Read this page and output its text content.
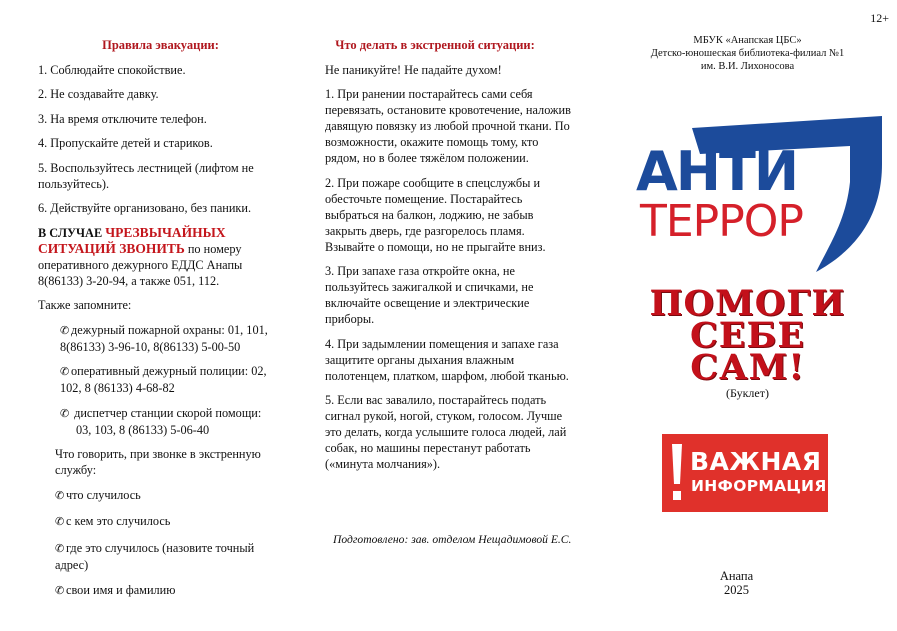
12+

Правила эвакуации:

1. Соблюдайте спокойствие.

2. Не создавайте давку.

3. На время отключите телефон.

4. Пропускайте детей и стариков.

5. Воспользуйтесь лестницей (лифтом не пользуйтесь).

6. Действуйте организовано, без паники.

В СЛУЧАЕ ЧРЕЗВЫЧАЙНЫХ СИТУАЦИЙ ЗВОНИТЬ по номеру оперативного дежурного ЕДДС Анапы 8(86133) 3-20-94, а также 051, 112.

Также запомните:

✆ дежурный пожарной охраны: 01, 101, 8(86133) 3-96-10, 8(86133) 5-00-50

✆ оперативный дежурный полиции: 02, 102, 8 (86133) 4-68-82

✆ диспетчер станции скорой помощи:

03, 103, 8 (86133) 5-06-40

Что говорить, при звонке в экстренную службу:

✆ что случилось

✆ с кем это случилось

✆ где это случилось (назовите точный адрес)

✆ свои имя и фамилию

Что делать в экстренной ситуации:

Не паникуйте! Не падайте духом!

1. При ранении постарайтесь сами себя перевязать, остановите кровотечение, наложив давящую повязку из любой прочной ткани. По возможности, окажите помощь тому, кто рядом, но в более тяжёлом положении.

2. При пожаре сообщите в спецслужбы и обесточьте помещение. Постарайтесь выбраться на балкон, лоджию, не забыв закрыть дверь, где разгорелось пламя. Взывайте о помощи, но не прыгайте вниз.

3. При запахе газа откройте окна, не пользуйтесь зажигалкой и спичками, не включайте освещение и электрические приборы.

4. При задымлении помещения и запахе газа защитите органы дыхания влажным полотенцем, платком, шарфом, любой тканью.

5. Если вас завалило, постарайтесь подать сигнал рукой, ногой, стуком, голосом. Лучше это делать, когда услышите голоса людей, лай собак, но машины перестанут работать («минута молчания»).

Подготовлено: зав. отделом Нещадимовой Е.С.
МБУК «Анапская ЦБС»
Детско-юношеская библиотека-филиал №1
им. В.И. Лихоносова
АНТИ
ТЕРРОР
ПОМОГИ
СЕБЕ
САМ!
(Буклет)
ВАЖНАЯ
ИНФОРМАЦИЯ
Анапа
2025
